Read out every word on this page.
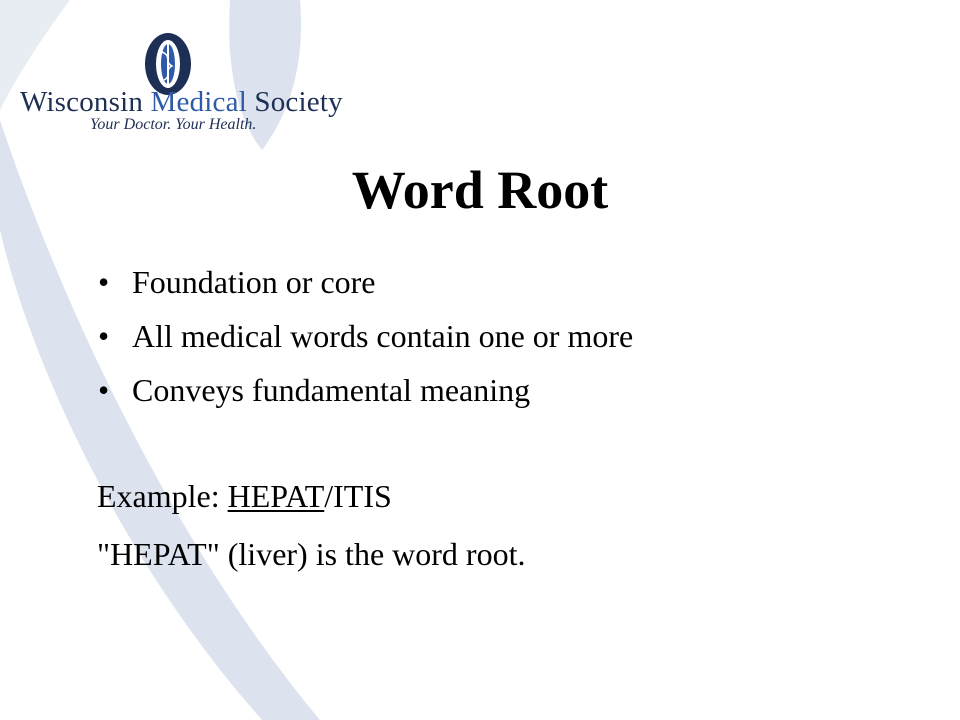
Wisconsin Medical Society
Your Doctor. Your Health.
Word Root
• Foundation or core
• All medical words contain one or more
• Conveys fundamental meaning
Example: HEPAT/ITIS
"HEPAT" (liver) is the word root.
